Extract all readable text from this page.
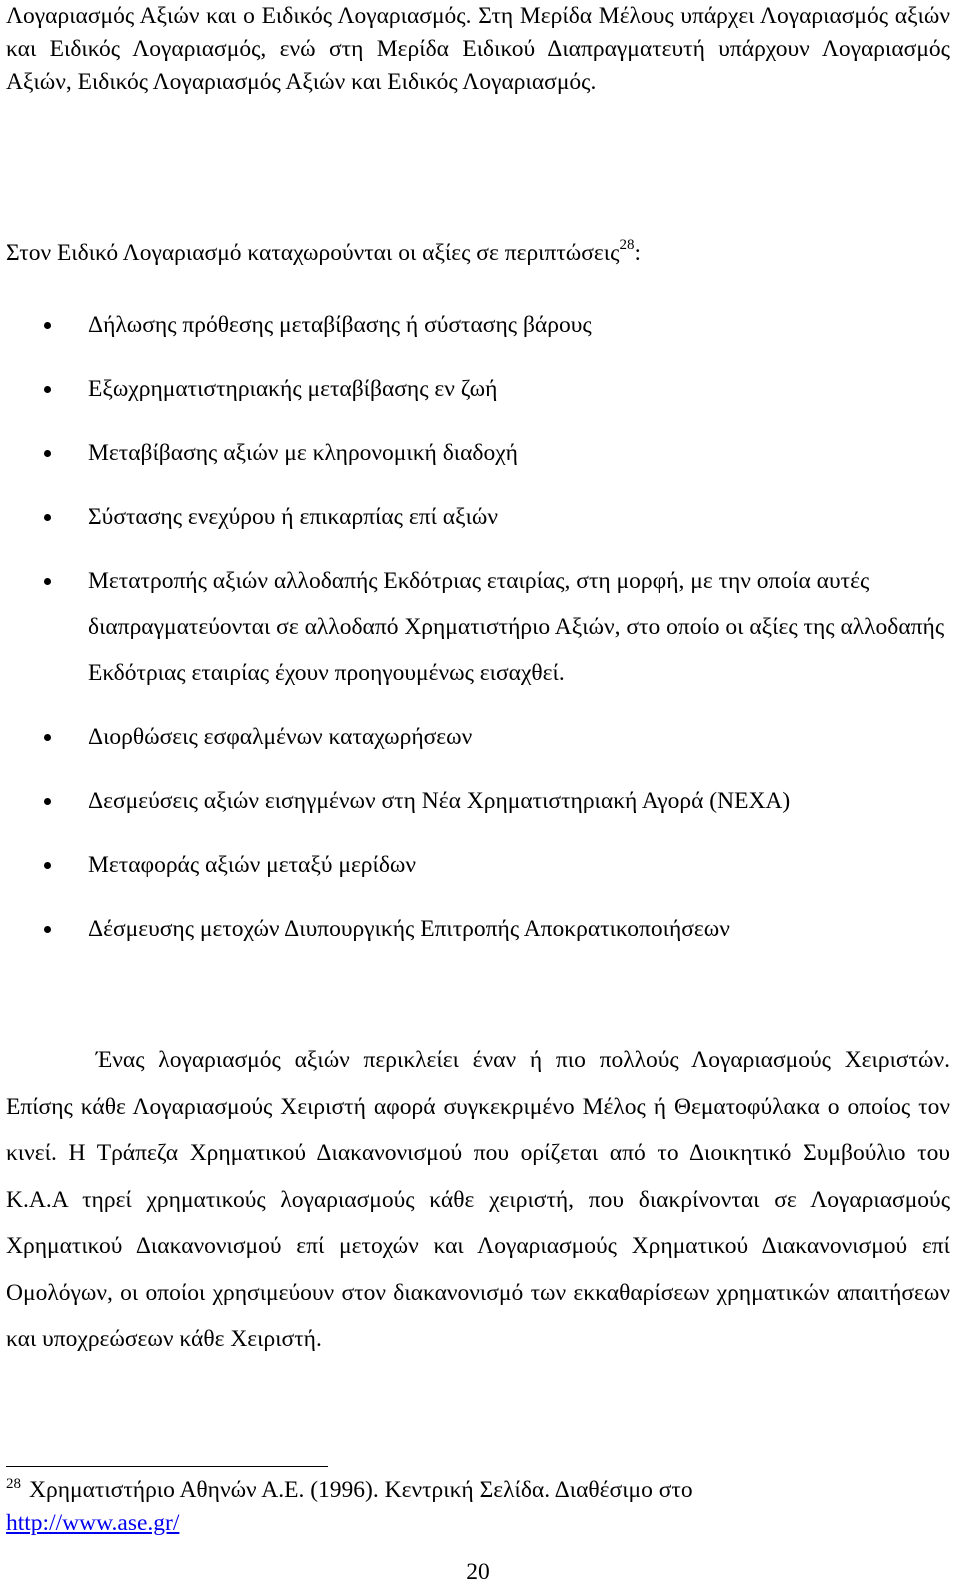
Λογαριασμός Αξιών και ο Ειδικός Λογαριασμός. Στη Μερίδα Μέλους υπάρχει Λογαριασμός αξιών και Ειδικός Λογαριασμός, ενώ στη Μερίδα Ειδικού Διαπραγματευτή υπάρχουν Λογαριασμός Αξιών, Ειδικός Λογαριασμός Αξιών και Ειδικός Λογαριασμός.

Στον Ειδικό Λογαριασμό καταχωρούνται οι αξίες σε περιπτώσεις$^{28}$:

Δήλωσης πρόθεσης μεταβίβασης ή σύστασης βάρους
Εξωχρηματιστηριακής μεταβίβασης εν ζωή
Μεταβίβασης αξιών με κληρονομική διαδοχή
Σύστασης ενεχύρου ή επικαρπίας επί αξιών
Μετατροπής αξιών αλλοδαπής Εκδότριας εταιρίας, στη μορφή, με την οποία αυτές διαπραγματεύονται σε αλλοδαπό Χρηματιστήριο Αξιών, στο οποίο οι αξίες της αλλοδαπής Εκδότριας εταιρίας έχουν προηγουμένως εισαχθεί.
Διορθώσεις εσφαλμένων καταχωρήσεων
Δεσμεύσεις αξιών εισηγμένων στη Νέα Χρηματιστηριακή Αγορά (ΝΕΧΑ)
Μεταφοράς αξιών μεταξύ μερίδων
Δέσμευσης μετοχών Διυπουργικής Επιτροπής Αποκρατικοποιήσεων

Ένας λογαριασμός αξιών περικλείει έναν ή πιο πολλούς Λογαριασμούς Χειριστών. Επίσης κάθε Λογαριασμούς Χειριστή αφορά συγκεκριμένο Μέλος ή Θεματοφύλακα ο οποίος τον κινεί. Η Τράπεζα Χρηματικού Διακανονισμού που ορίζεται από το Διοικητικό Συμβούλιο του Κ.Α.Α τηρεί χρηματικούς λογαριασμούς κάθε χειριστή, που διακρίνονται σε Λογαριασμούς Χρηματικού Διακανονισμού επί μετοχών και Λογαριασμούς Χρηματικού Διακανονισμού επί Ομολόγων, οι οποίοι χρησιμεύουν στον διακανονισμό των εκκαθαρίσεων χρηματικών απαιτήσεων και υποχρεώσεων κάθε Χειριστή.

$^{28}$ Χρηματιστήριο Αθηνών Α.Ε. (1996). Κεντρική Σελίδα. Διαθέσιμο στο
http://www.ase.gr/
20
